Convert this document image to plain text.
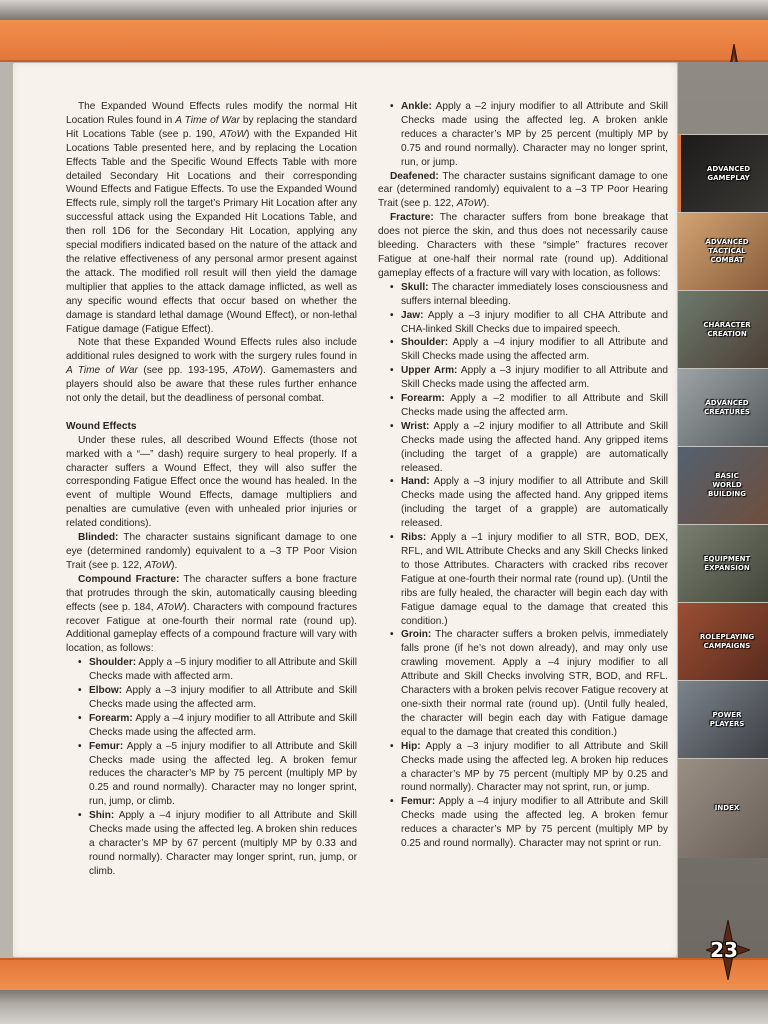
The Expanded Wound Effects rules modify the normal Hit Location Rules found in A Time of War by replacing the standard Hit Locations Table (see p. 190, AToW) with the Expanded Hit Locations Table presented here, and by replacing the Location Effects Table and the Specific Wound Effects Table with more detailed Secondary Hit Locations and their corresponding Wound Effects and Fatigue Effects. To use the Expanded Wound Effects rule, simply roll the target’s Primary Hit Location after any successful attack using the Expanded Hit Locations Table, and then roll 1D6 for the Secondary Hit Location, applying any special modifiers indicated based on the nature of the attack and the relative effectiveness of any personal armor present against the attack. The modified roll result will then yield the damage multiplier that applies to the attack damage inflicted, as well as any specific wound effects that occur based on whether the damage is standard lethal damage (Wound Effect), or non-lethal Fatigue damage (Fatigue Effect).

Note that these Expanded Wound Effects rules also include additional rules designed to work with the surgery rules found in A Time of War (see pp. 193-195, AToW). Gamemasters and players should also be aware that these rules further enhance not only the detail, but the deadliness of personal combat.

Wound Effects

Under these rules, all described Wound Effects (those not marked with a “—” dash) require surgery to heal properly. If a character suffers a Wound Effect, they will also suffer the corresponding Fatigue Effect once the wound has healed. In the event of multiple Wound Effects, damage multipliers and penalties are cumulative (even with unhealed prior injuries or related conditions).

Blinded: The character sustains significant damage to one eye (determined randomly) equivalent to a –3 TP Poor Vision Trait (see p. 122, AToW).

Compound Fracture: The character suffers a bone fracture that protrudes through the skin, automatically causing bleeding effects (see p. 184, AToW). Characters with compound fractures recover Fatigue at one-fourth their normal rate (round up). Additional gameplay effects of a compound fracture will vary with location, as follows:

• Shoulder: Apply a –5 injury modifier to all Attribute and Skill Checks made with affected arm.
• Elbow: Apply a –3 injury modifier to all Attribute and Skill Checks made using the affected arm.
• Forearm: Apply a –4 injury modifier to all Attribute and Skill Checks made using the affected arm.
• Femur: Apply a –5 injury modifier to all Attribute and Skill Checks made using the affected leg. A broken femur reduces the character’s MP by 75 percent (multiply MP by 0.25 and round normally). Character may no longer sprint, run, jump, or climb.
• Shin: Apply a –4 injury modifier to all Attribute and Skill Checks made using the affected leg. A broken shin reduces a character’s MP by 67 percent (multiply MP by 0.33 and round normally). Character may longer sprint, run, jump, or climb.
• Ankle: Apply a –2 injury modifier to all Attribute and Skill Checks made using the affected leg. A broken ankle reduces a character’s MP by 25 percent (multiply MP by 0.75 and round normally). Character may no longer sprint, run, or jump.

Deafened: The character sustains significant damage to one ear (determined randomly) equivalent to a –3 TP Poor Hearing Trait (see p. 122, AToW).

Fracture: The character suffers from bone breakage that does not pierce the skin, and thus does not necessarily cause bleeding. Characters with these “simple” fractures recover Fatigue at one-half their normal rate (round up). Additional gameplay effects of a fracture will vary with location, as follows:

• Skull: The character immediately loses consciousness and suffers internal bleeding.
• Jaw: Apply a –3 injury modifier to all CHA Attribute and CHA-linked Skill Checks due to impaired speech.
• Shoulder: Apply a –4 injury modifier to all Attribute and Skill Checks made using the affected arm.
• Upper Arm: Apply a –3 injury modifier to all Attribute and Skill Checks made using the affected arm.
• Forearm: Apply a –2 modifier to all Attribute and Skill Checks made using the affected arm.
• Wrist: Apply a –2 injury modifier to all Attribute and Skill Checks made using the affected hand. Any gripped items (including the target of a grapple) are automatically released.
• Hand: Apply a –3 injury modifier to all Attribute and Skill Checks made using the affected hand. Any gripped items (including the target of a grapple) are automatically released.
• Ribs: Apply a –1 injury modifier to all STR, BOD, DEX, RFL, and WIL Attribute Checks and any Skill Checks linked to those Attributes. Characters with cracked ribs recover Fatigue at one-fourth their normal rate (round up). (Until the ribs are fully healed, the character will begin each day with Fatigue damage equal to the damage that created this condition.)
• Groin: The character suffers a broken pelvis, immediately falls prone (if he’s not down already), and may only use crawling movement. Apply a –4 injury modifier to all Attribute and Skill Checks involving STR, BOD, and RFL. Characters with a broken pelvis recover Fatigue recovery at one-sixth their normal rate (round up). (Until fully healed, the character will begin each day with Fatigue damage equal to the damage that created this condition.)
• Hip: Apply a –3 injury modifier to all Attribute and Skill Checks made using the affected leg. A broken hip reduces a character’s MP by 75 percent (multiply MP by 0.25 and round normally). Character may not sprint, run, or jump.
• Femur: Apply a –4 injury modifier to all Attribute and Skill Checks made using the affected leg. A broken femur reduces a character’s MP by 75 percent (multiply MP by 0.25 and round normally). Character may not sprint or run.
ADVANCED
GAMEPLAY
ADVANCED
TACTICAL
COMBAT
CHARACTER
CREATION
ADVANCED
CREATURES
BASIC
WORLD
BUILDING
EQUIPMENT
EXPANSION
ROLEPLAYING
CAMPAIGNS
POWER
PLAYERS
INDEX
23
